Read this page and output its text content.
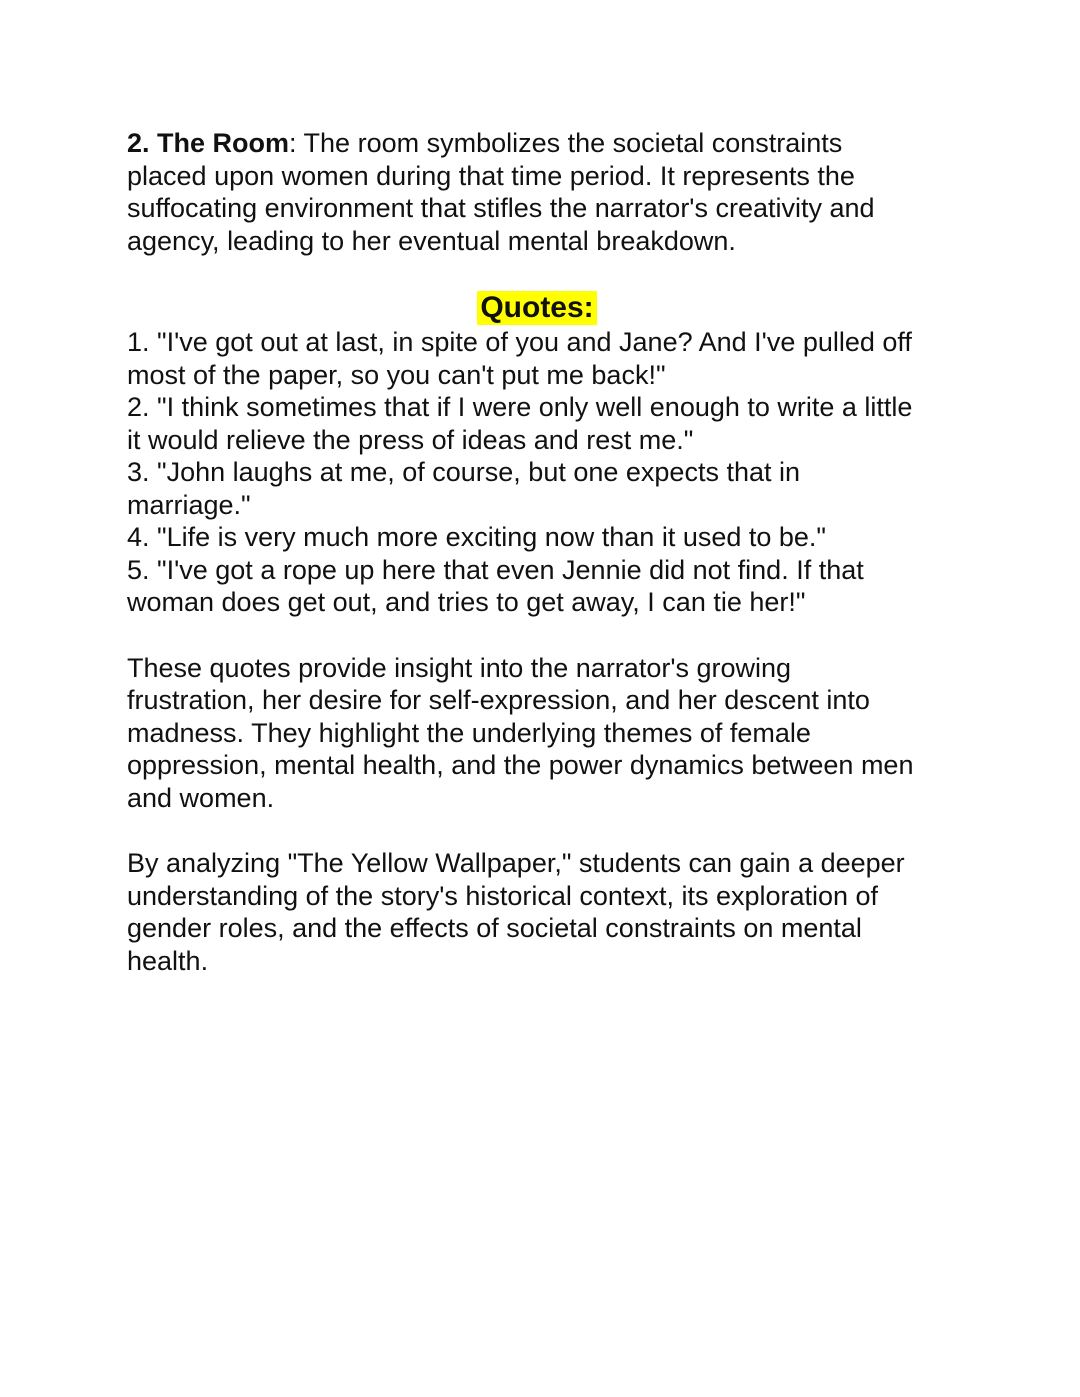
2. The Room: The room symbolizes the societal constraints
placed upon women during that time period. It represents the
suffocating environment that stifles the narrator's creativity and
agency, leading to her eventual mental breakdown.

Quotes:
1. "I've got out at last, in spite of you and Jane? And I've pulled off
most of the paper, so you can't put me back!"
2. "I think sometimes that if I were only well enough to write a little
it would relieve the press of ideas and rest me."
3. "John laughs at me, of course, but one expects that in
marriage."
4. "Life is very much more exciting now than it used to be."
5. "I've got a rope up here that even Jennie did not find. If that
woman does get out, and tries to get away, I can tie her!"

These quotes provide insight into the narrator's growing
frustration, her desire for self-expression, and her descent into
madness. They highlight the underlying themes of female
oppression, mental health, and the power dynamics between men
and women.

By analyzing "The Yellow Wallpaper," students can gain a deeper
understanding of the story's historical context, its exploration of
gender roles, and the effects of societal constraints on mental
health.
